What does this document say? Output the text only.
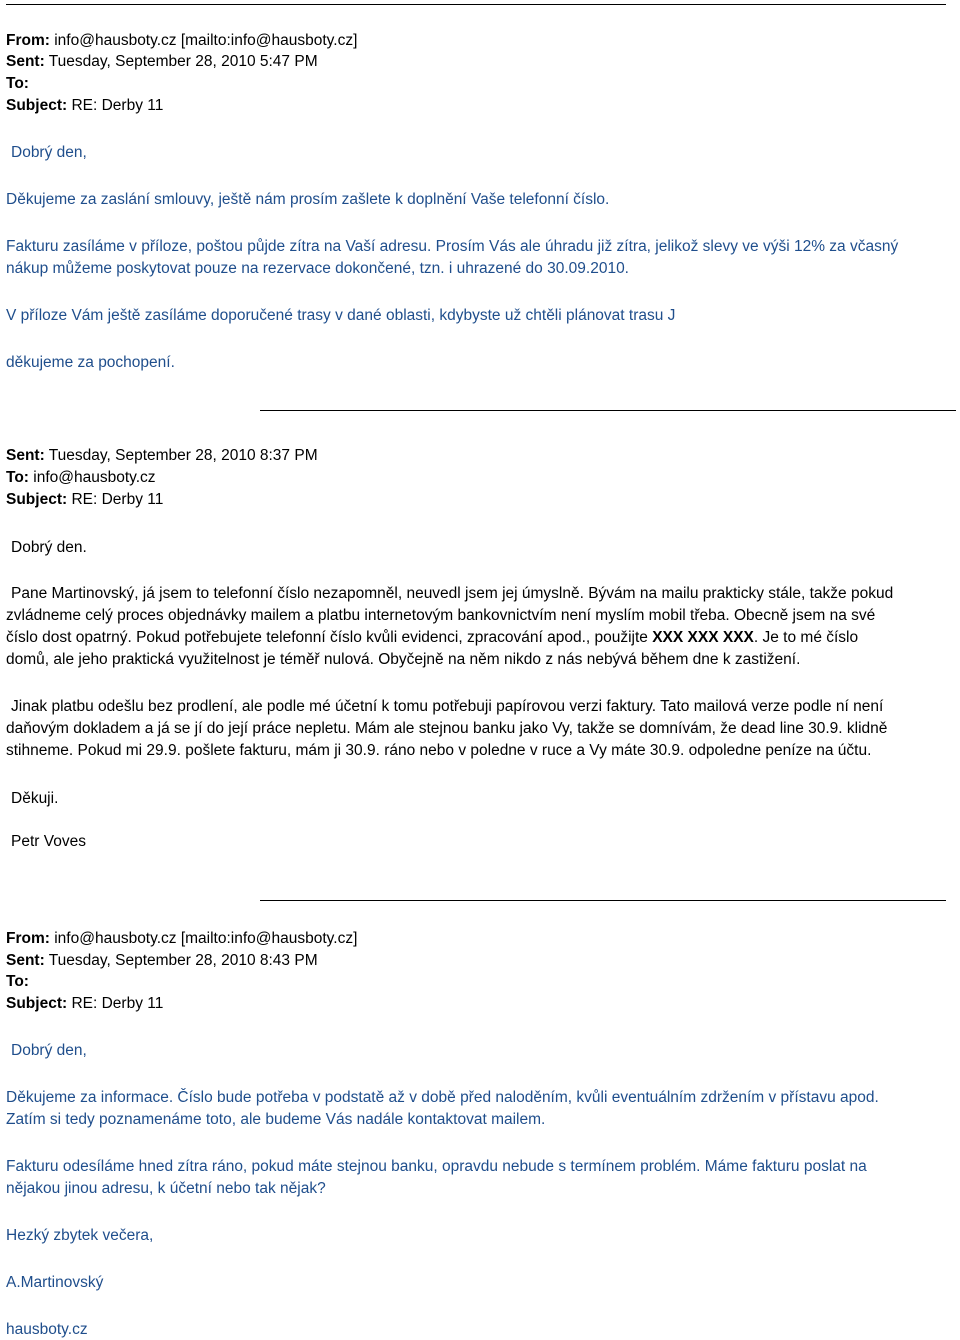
From: info@hausboty.cz [mailto:info@hausboty.cz]
Sent: Tuesday, September 28, 2010 5:47 PM
To:
Subject: RE: Derby 11
Dobrý den,
Děkujeme za zaslání smlouvy, ještě nám prosím zašlete k doplnění Vaše telefonní číslo.
Fakturu zasíláme v příloze, poštou půjde zítra na Vaší adresu. Prosím Vás ale úhradu již zítra, jelikož slevy ve výši 12% za včasný
nákup můžeme poskytovat pouze na rezervace dokončené, tzn. i uhrazené do 30.09.2010.
V příloze Vám ještě zasíláme doporučené trasy v dané oblasti, kdybyste už chtěli plánovat trasu J
děkujeme za pochopení.
Sent: Tuesday, September 28, 2010 8:37 PM
To: info@hausboty.cz
Subject: RE: Derby 11
Dobrý den.
Pane Martinovský, já jsem to telefonní číslo nezapomněl, neuvedl jsem jej úmyslně. Bývám na mailu prakticky stále, takže pokud
zvládneme celý proces objednávky mailem a platbu internetovým bankovnictvím není myslím mobil třeba. Obecně jsem na své
číslo dost opatrný. Pokud potřebujete telefonní číslo kvůli evidenci, zpracování apod., použijte XXX XXX XXX. Je to mé číslo
domů, ale jeho praktická využitelnost je téměř nulová. Obyčejně na něm nikdo z nás nebývá během dne k zastižení.
Jinak platbu odešlu bez prodlení, ale podle mé účetní k tomu potřebuji papírovou verzi faktury. Tato mailová verze podle ní není
daňovým dokladem a já se jí do její práce nepletu. Mám ale stejnou banku jako Vy, takže se domnívám, že dead line 30.9. klidně
stihneme. Pokud mi 29.9. pošlete fakturu, mám ji 30.9. ráno nebo v poledne v ruce a Vy máte 30.9. odpoledne peníze na účtu.
Děkuji.
Petr Voves
From: info@hausboty.cz [mailto:info@hausboty.cz]
Sent: Tuesday, September 28, 2010 8:43 PM
To:
Subject: RE: Derby 11
Dobrý den,
Děkujeme za informace. Číslo bude potřeba v podstatě až v době před naloděním, kvůli eventuálním zdržením v přístavu apod.
Zatím si tedy poznamenáme toto, ale budeme Vás nadále kontaktovat mailem.
Fakturu odesíláme hned zítra ráno, pokud máte stejnou banku, opravdu nebude s termínem problém. Máme fakturu poslat na
nějakou jinou adresu, k účetní nebo tak nějak?
Hezký zbytek večera,
A.Martinovský
hausboty.cz
